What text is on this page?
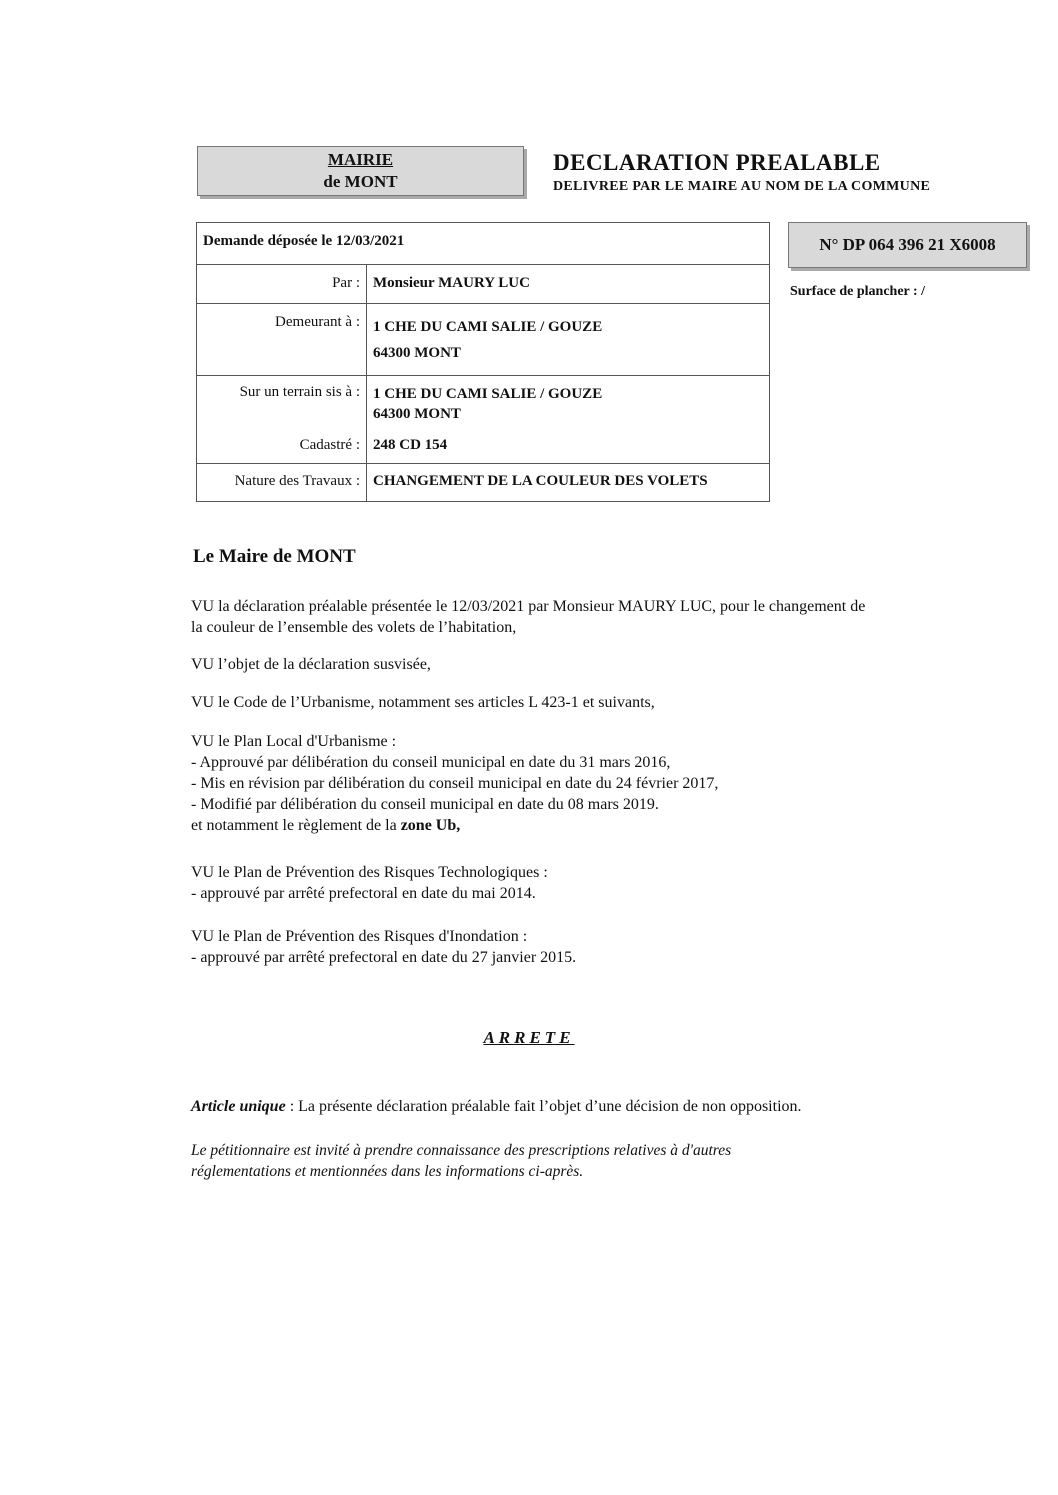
MAIRIE
de MONT
DECLARATION PREALABLE
DELIVREE PAR LE MAIRE AU NOM DE LA COMMUNE
Demande déposée le 12/03/2021	
Par :	Monsieur MAURY LUC
Demeurant à :	1 CHE DU CAMI SALIE / GOUZE
64300 MONT

Sur un terrain sis à :	1 CHE DU CAMI SALIE / GOUZE
64300 MONT

Cadastré :	248 CD 154
Nature des Travaux :	CHANGEMENT DE LA COULEUR DES VOLETS
N° DP 064 396 21 X6008
Surface de plancher : /
Le Maire de MONT
VU la déclaration préalable présentée le 12/03/2021 par Monsieur MAURY LUC, pour le changement de
la couleur de l’ensemble des volets de l’habitation,
VU l’objet de la déclaration susvisée,
VU le Code de l’Urbanisme, notamment ses articles L 423-1 et suivants,
VU le Plan Local d'Urbanisme :
- Approuvé par délibération du conseil municipal en date du 31 mars 2016,
- Mis en révision par délibération du conseil municipal en date du 24 février 2017,
- Modifié par délibération du conseil municipal en date du 08 mars 2019.
et notamment le règlement de la zone Ub,
VU le Plan de Prévention des Risques Technologiques :
- approuvé par arrêté prefectoral en date du mai 2014.
VU le Plan de Prévention des Risques d'Inondation :
- approuvé par arrêté prefectoral en date du 27 janvier 2015.
ARRETE
Article unique : La présente déclaration préalable fait l’objet d’une décision de non opposition.
Le pétitionnaire est invité à prendre connaissance des prescriptions relatives à d'autres
réglementations et mentionnées dans les informations ci-après.
